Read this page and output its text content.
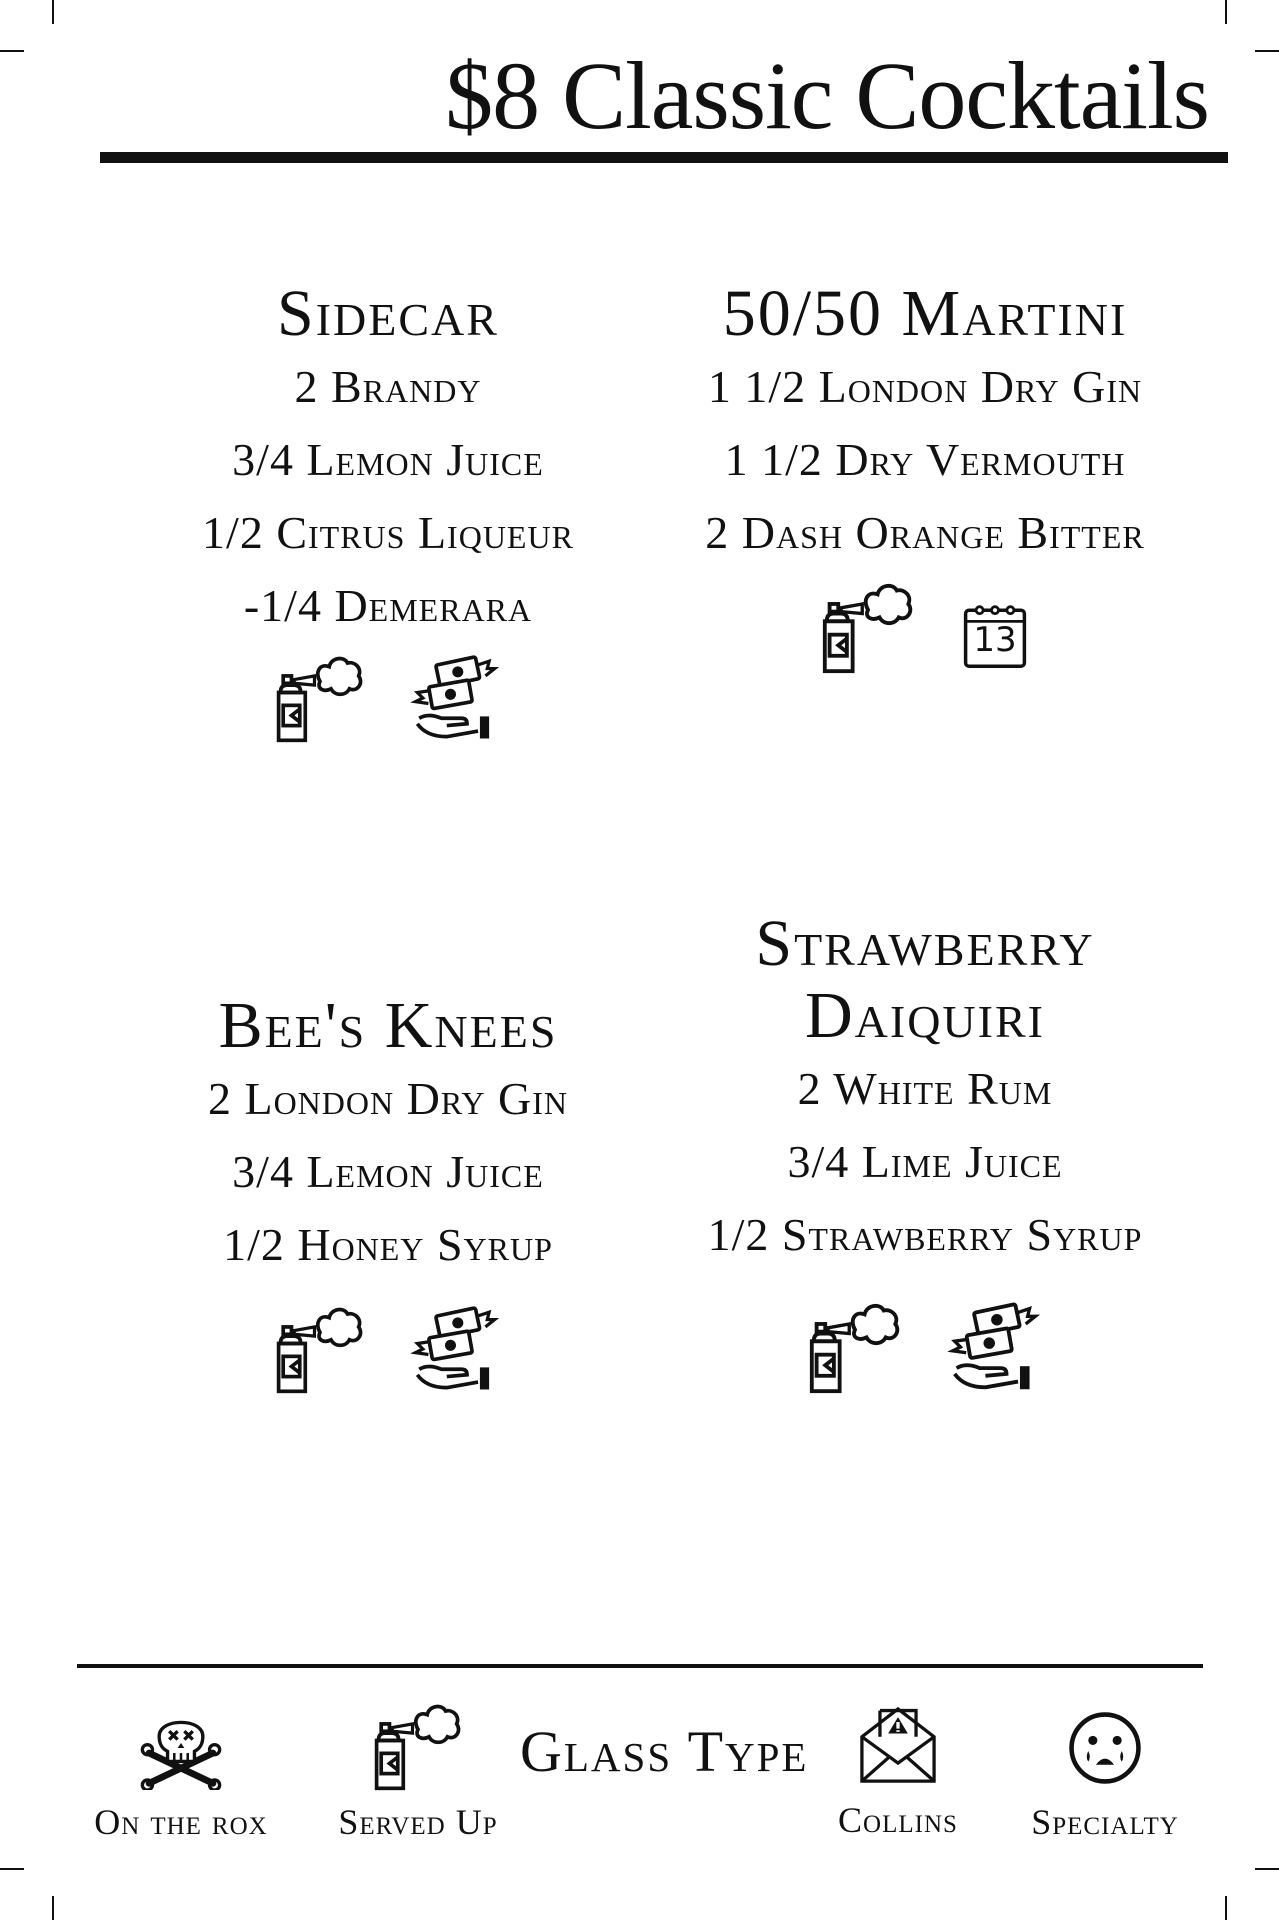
$8 Classic Cocktails
Sidecar
2 Brandy
3/4 Lemon Juice
1/2 Citrus Liqueur
-1/4 Demerara
50/50 Martini
1 1/2 London Dry Gin
1 1/2 Dry Vermouth
2 Dash Orange Bitter
13
Bee's Knees
2 London Dry Gin
3/4 Lemon Juice
1/2 Honey Syrup
Strawberry
Daiquiri
2 White Rum
3/4 Lime Juice
1/2 Strawberry Syrup
On the rox	Served Up
Glass Type
Collins	Specialty
